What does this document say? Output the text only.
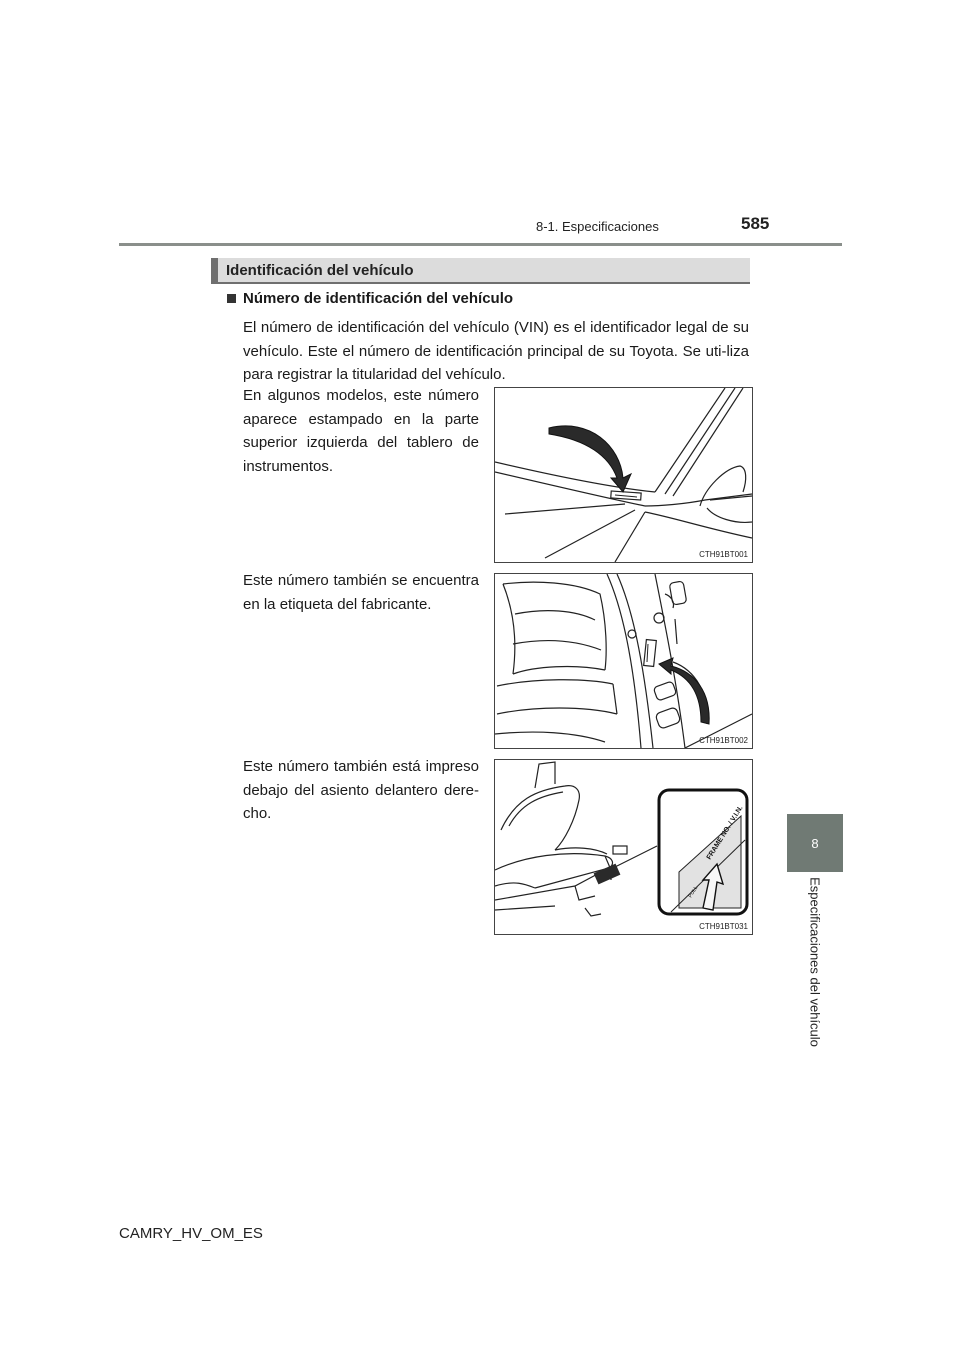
8-1. Especificaciones	585
8
Especificaciones del vehículo
Identificación del vehículo
Número de identificación del vehículo
El número de identificación del vehículo (VIN) es el identificador legal de su vehículo. Este el número de identificación principal de su Toyota. Se uti-liza para registrar la titularidad del vehículo.
En algunos modelos, este número aparece estampado en la parte superior izquierda del tablero de instrumentos.
CTH91BT001
Este número también se encuentra en la etiqueta del fabricante.
CTH91BT002
Este número también está impreso debajo del asiento delantero dere-cho.	FRAME NO. / V.I.N.
PULL
CTH91BT031
CAMRY_HV_OM_ES
